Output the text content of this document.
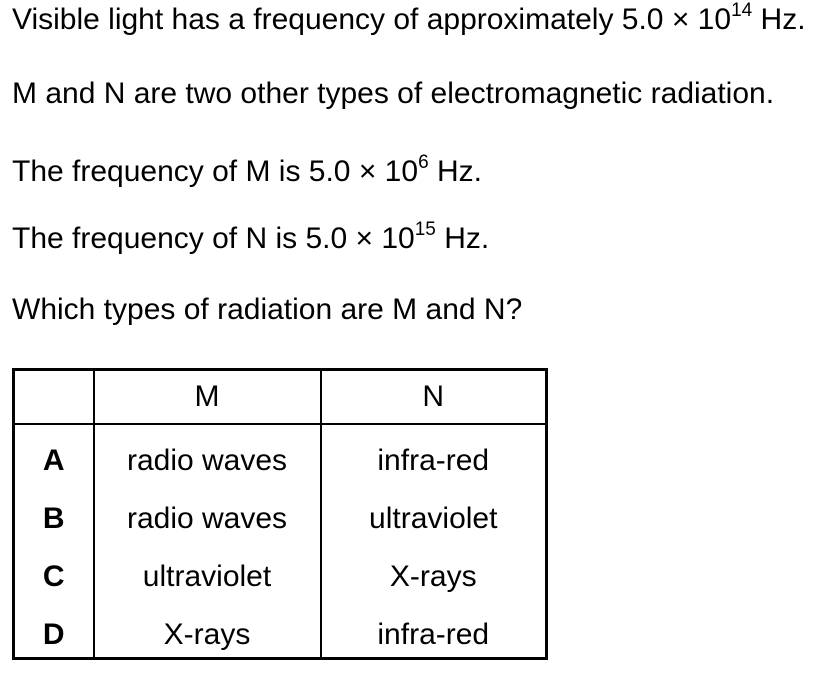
Visible light has a frequency of approximately $5.0 \times 10^{14}$ Hz.

M and N are two other types of electromagnetic radiation.

The frequency of M is $5.0 \times 10^6$ Hz.

The frequency of N is $5.0 \times 10^{15}$ Hz.

Which types of radiation are M and N?

	M	N
A	radio waves	infra-red
B	radio waves	ultraviolet
C	ultraviolet	X-rays
D	X-rays	infra-red
